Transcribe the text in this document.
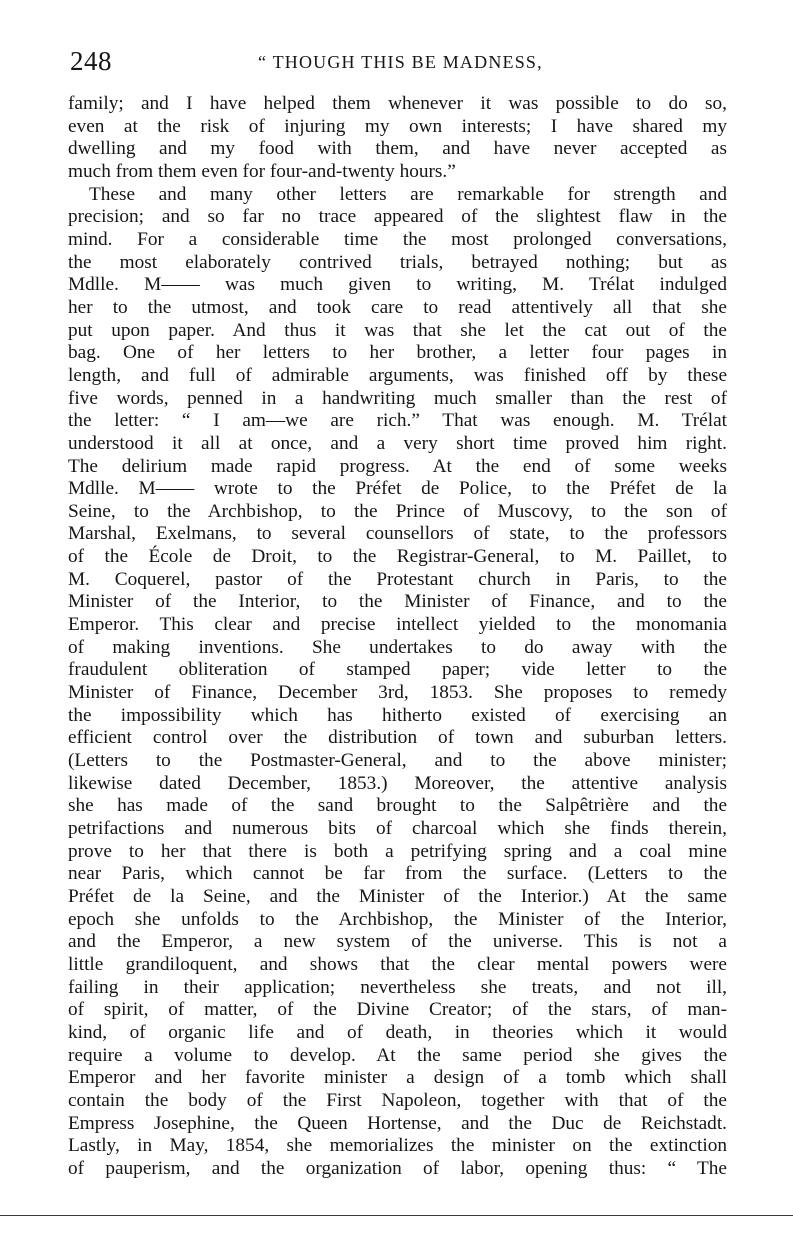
248	“ THOUGH THIS BE MADNESS,
family; and I have helped them whenever it was possible to do so,
even at the risk of injuring my own interests; I have shared my
dwelling and my food with them, and have never accepted as
much from them even for four-and-twenty hours.”
These and many other letters are remarkable for strength and
precision; and so far no trace appeared of the slightest flaw in the
mind. For a considerable time the most prolonged conversations,
the most elaborately contrived trials, betrayed nothing; but as
Mdlle. M—— was much given to writing, M. Trélat indulged
her to the utmost, and took care to read attentively all that she
put upon paper. And thus it was that she let the cat out of the
bag. One of her letters to her brother, a letter four pages in
length, and full of admirable arguments, was finished off by these
five words, penned in a handwriting much smaller than the rest of
the letter: “ I am—we are rich.” That was enough. M. Trélat
understood it all at once, and a very short time proved him right.
The delirium made rapid progress. At the end of some weeks
Mdlle. M—— wrote to the Préfet de Police, to the Préfet de la
Seine, to the Archbishop, to the Prince of Muscovy, to the son of
Marshal, Exelmans, to several counsellors of state, to the professors
of the École de Droit, to the Registrar-General, to M. Paillet, to
M. Coquerel, pastor of the Protestant church in Paris, to the
Minister of the Interior, to the Minister of Finance, and to the
Emperor. This clear and precise intellect yielded to the monomania
of making inventions. She undertakes to do away with the
fraudulent obliteration of stamped paper; vide letter to the
Minister of Finance, December 3rd, 1853. She proposes to remedy
the impossibility which has hitherto existed of exercising an
efficient control over the distribution of town and suburban letters.
(Letters to the Postmaster-General, and to the above minister;
likewise dated December, 1853.) Moreover, the attentive analysis
she has made of the sand brought to the Salpêtrière and the
petrifactions and numerous bits of charcoal which she finds therein,
prove to her that there is both a petrifying spring and a coal mine
near Paris, which cannot be far from the surface. (Letters to the
Préfet de la Seine, and the Minister of the Interior.) At the same
epoch she unfolds to the Archbishop, the Minister of the Interior,
and the Emperor, a new system of the universe. This is not a
little grandiloquent, and shows that the clear mental powers were
failing in their application; nevertheless she treats, and not ill,
of spirit, of matter, of the Divine Creator; of the stars, of man-
kind, of organic life and of death, in theories which it would
require a volume to develop. At the same period she gives the
Emperor and her favorite minister a design of a tomb which shall
contain the body of the First Napoleon, together with that of the
Empress Josephine, the Queen Hortense, and the Duc de Reichstadt.
Lastly, in May, 1854, she memorializes the minister on the extinction
of pauperism, and the organization of labor, opening thus: “ The
